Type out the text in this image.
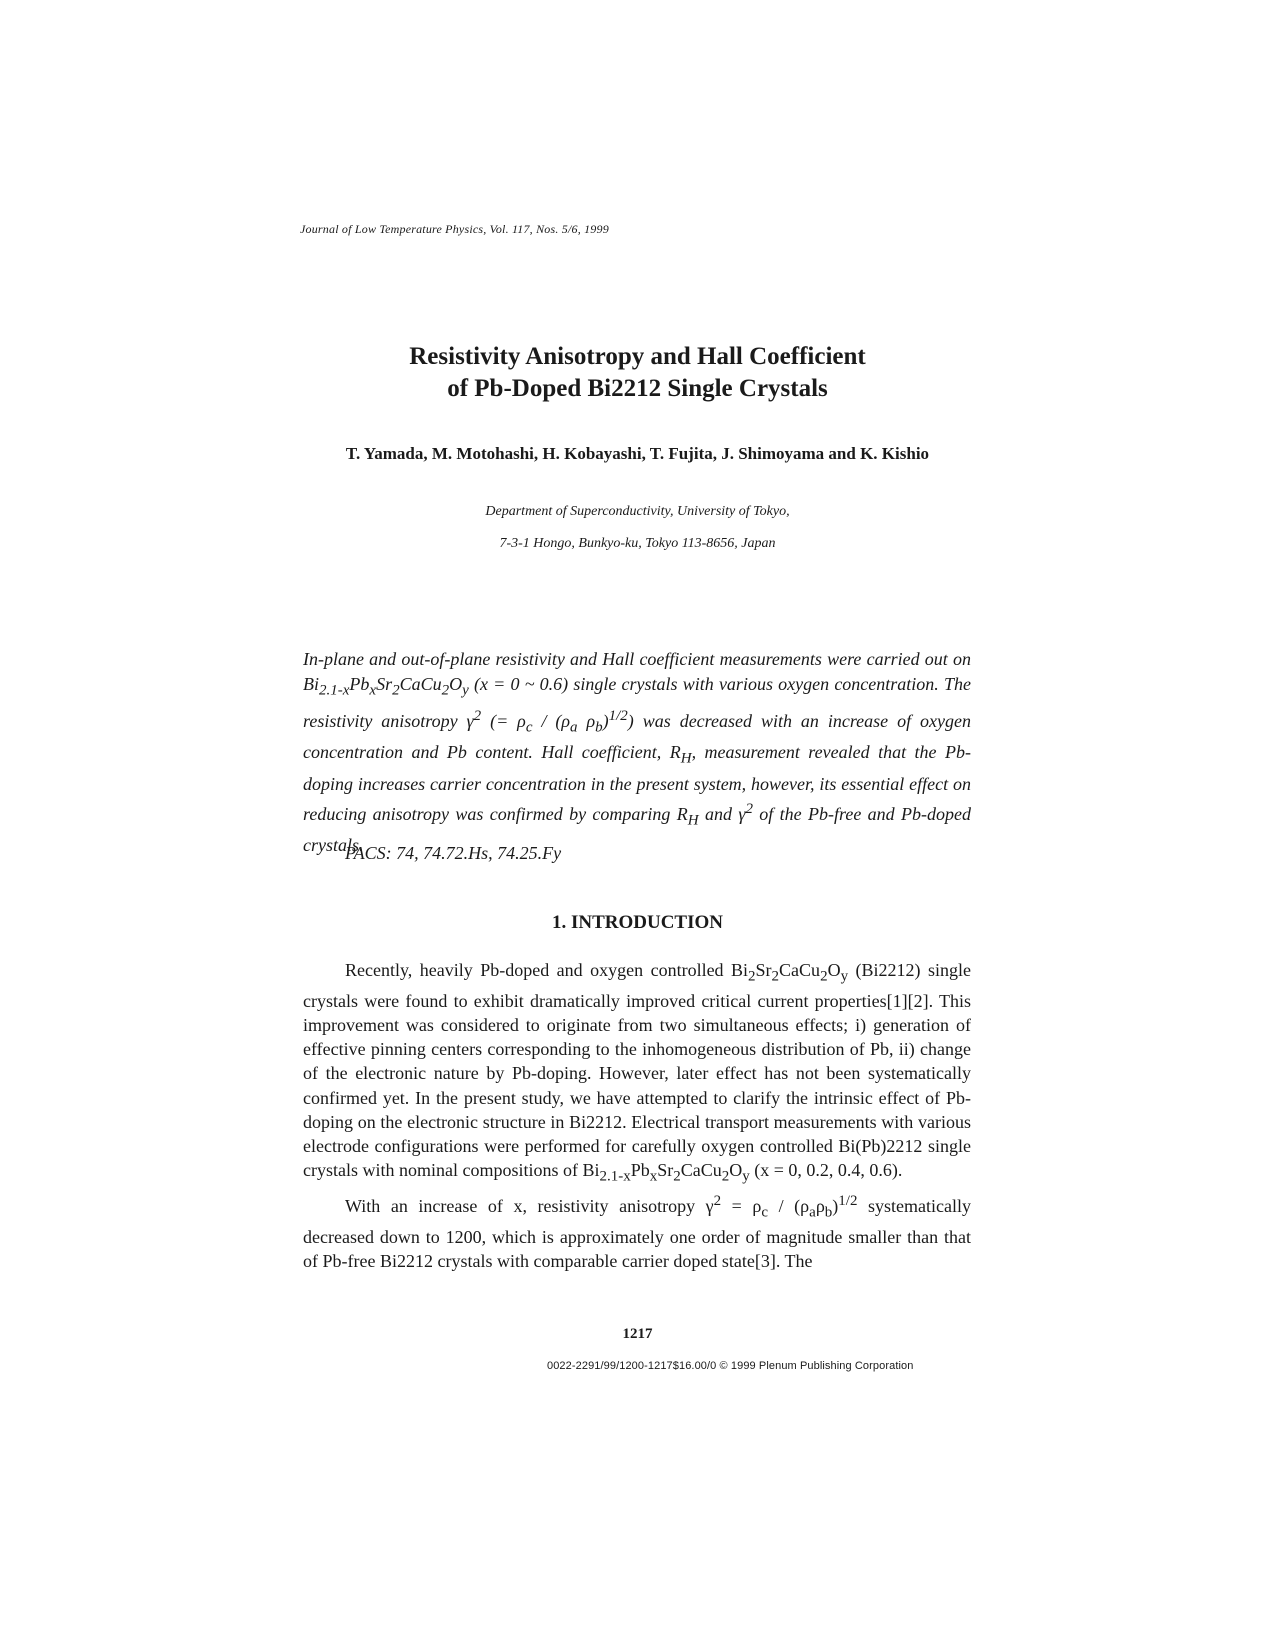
Journal of Low Temperature Physics, Vol. 117, Nos. 5/6, 1999
Resistivity Anisotropy and Hall Coefficient
of Pb-Doped Bi2212 Single Crystals
T. Yamada, M. Motohashi, H. Kobayashi, T. Fujita, J. Shimoyama and K. Kishio
Department of Superconductivity, University of Tokyo,
7-3-1 Hongo, Bunkyo-ku, Tokyo 113-8656, Japan

In-plane and out-of-plane resistivity and Hall coefficient measurements were carried out on $Bi_{2.1-x}Pb_xSr_2CaCu_2O_y$ (x = 0 ~ 0.6) single crystals with various oxygen concentration. The resistivity anisotropy $\gamma^2$ (= $\rho_c / (\rho_a$ $\rho_b)^{1/2}$) was decreased with an increase of oxygen concentration and Pb content. Hall coefficient, $R_H$, measurement revealed that the Pb-doping increases carrier concentration in the present system, however, its essential effect on reducing anisotropy was confirmed by comparing $R_H$ and $\gamma^2$ of the Pb-free and Pb-doped crystals.

PACS: 74, 74.72.Hs, 74.25.Fy
1. INTRODUCTION

Recently, heavily Pb-doped and oxygen controlled $Bi_2Sr_2CaCu_2O_y$ (Bi2212) single crystals were found to exhibit dramatically improved critical current properties[1][2]. This improvement was considered to originate from two simultaneous effects; i) generation of effective pinning centers corresponding to the inhomogeneous distribution of Pb, ii) change of the electronic nature by Pb-doping. However, later effect has not been systematically confirmed yet. In the present study, we have attempted to clarify the intrinsic effect of Pb-doping on the electronic structure in Bi2212. Electrical transport measurements with various electrode configurations were performed for carefully oxygen controlled Bi(Pb)2212 single crystals with nominal compositions of $Bi_{2.1-x}Pb_xSr_2CaCu_2O_y$ (x = 0, 0.2, 0.4, 0.6).

With an increase of x, resistivity anisotropy $\gamma^2 = \rho_c / (\rho_a\rho_b)^{1/2}$ systematically decreased down to 1200, which is approximately one order of magnitude smaller than that of Pb-free Bi2212 crystals with comparable carrier doped state[3]. The

1217
0022-2291/99/1200-1217$16.00/0 © 1999 Plenum Publishing Corporation
